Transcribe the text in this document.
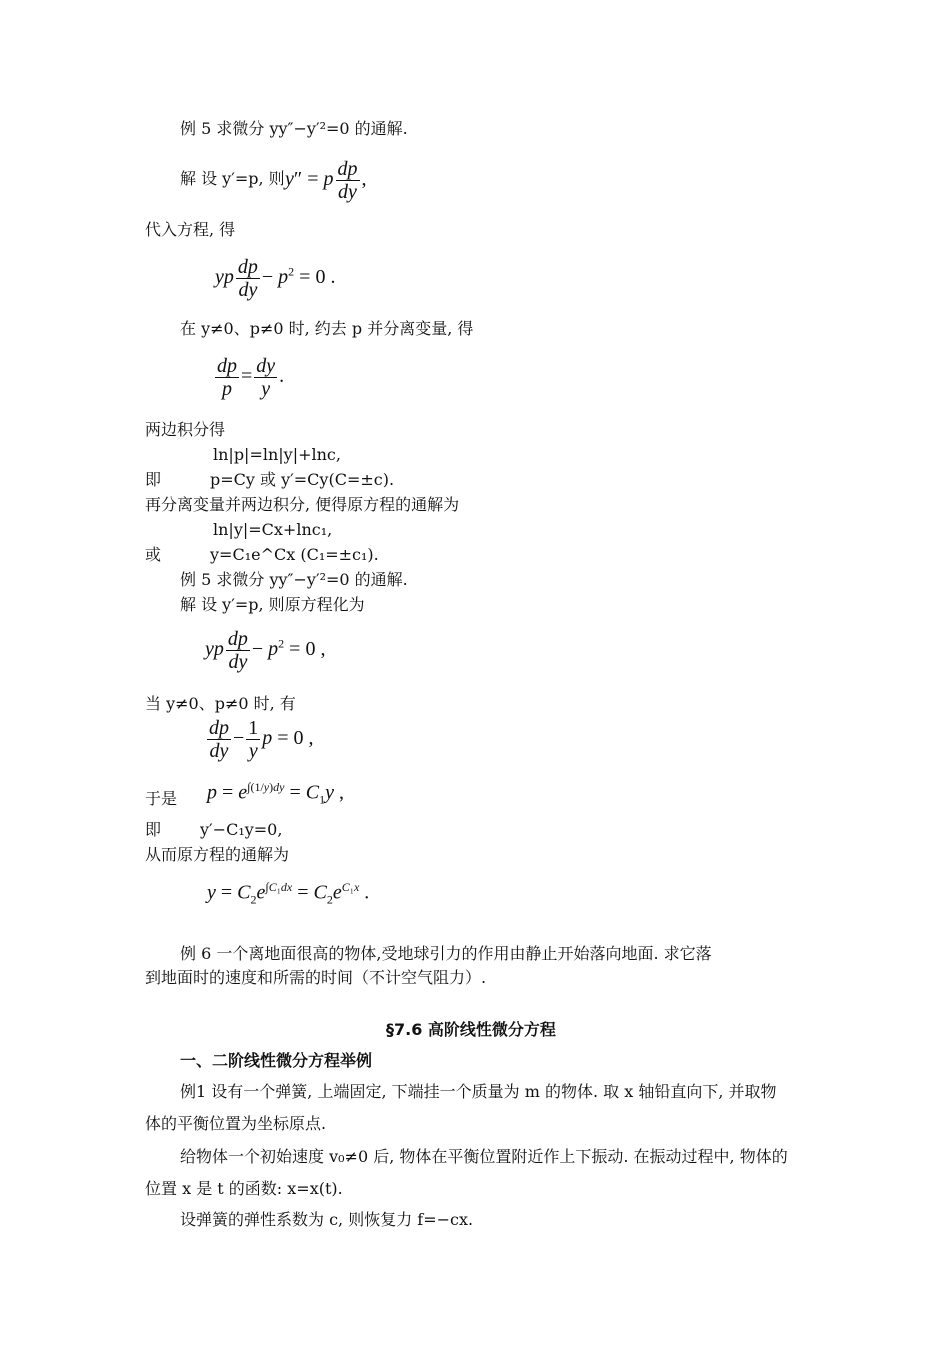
例 5 求微分 yy″−y′²=0 的通解.
解 设 y′=p, 则 y″ = p $\frac{dp}{dy}$ ,
代入方程, 得
yp $\frac{dp}{dy} - p^2 = 0$ .
在 y≠0、p≠0 时, 约去 p 并分离变量, 得
$\frac{dp}{p} = \frac{dy}{y}$ .
两边积分得
ln|p|=ln|y|+lnc,
即	p=Cy 或 y′=Cy(C=±c).
再分离变量并两边积分, 便得原方程的通解为
ln|y|=Cx+lnc₁,
或	y=C₁e^Cx (C₁=±c₁).
例 5 求微分 yy″−y′²=0 的通解.
解 设 y′=p, 则原方程化为
yp $\frac{dp}{dy} - p^2 = 0$ ,
当 y≠0、p≠0 时, 有
$\frac{dp}{dy} - \frac{1}{y}$ p = 0 ,
于是 $p = e^{\int(1/y)dy} = C_1y$ ,
即 y′−C₁y=0,
从而原方程的通解为
$y = C_2e^{\int C_1dx} = C_2e^{C_1x}$ .
例 6 一个离地面很高的物体,受地球引力的作用由静止开始落向地面. 求它落
到地面时的速度和所需的时间（不计空气阻力）.
§7.6 高阶线性微分方程
一、二阶线性微分方程举例
例1 设有一个弹簧, 上端固定, 下端挂一个质量为 m 的物体. 取 x 轴铅直向下, 并取物
体的平衡位置为坐标原点.
给物体一个初始速度 v₀≠0 后, 物体在平衡位置附近作上下振动. 在振动过程中, 物体的
位置 x 是 t 的函数: x=x(t).
设弹簧的弹性系数为 c, 则恢复力 f=−cx.
